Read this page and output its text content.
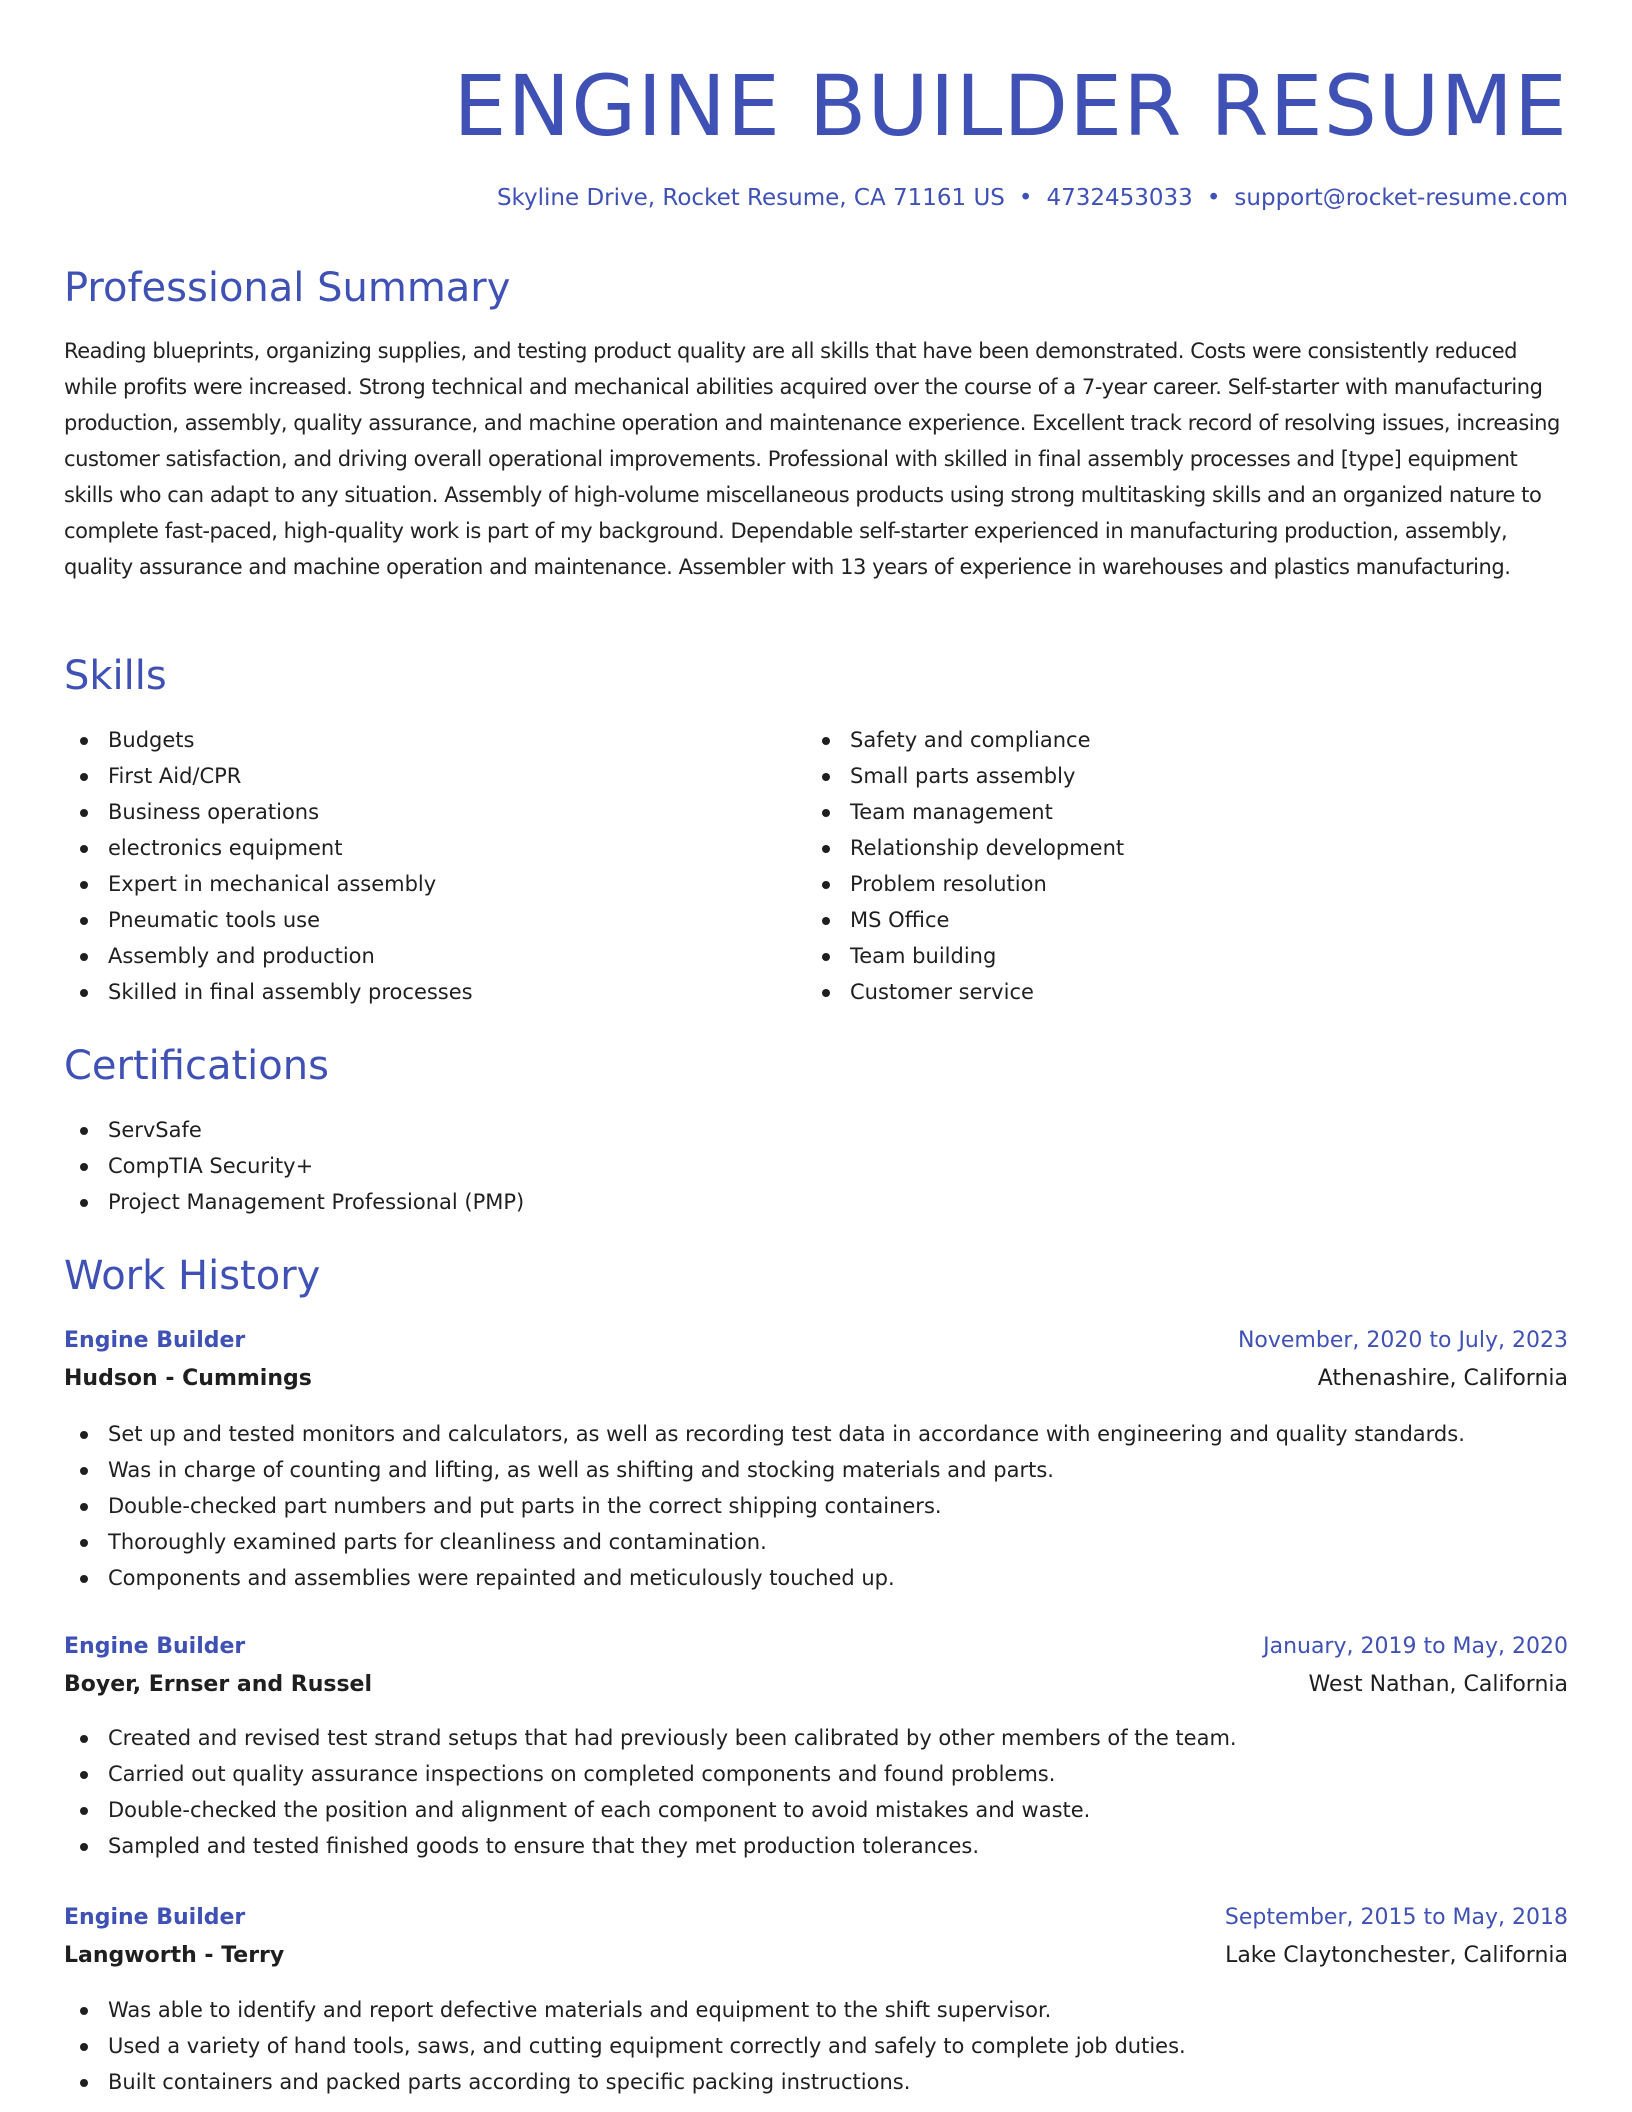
ENGINE BUILDER RESUME
Skyline Drive, Rocket Resume, CA 71161 US • 4732453033 • support@rocket-resume.com
Professional Summary

Reading blueprints, organizing supplies, and testing product quality are all skills that have been demonstrated. Costs were consistently reduced while profits were increased. Strong technical and mechanical abilities acquired over the course of a 7-year career. Self-starter with manufacturing production, assembly, quality assurance, and machine operation and maintenance experience. Excellent track record of resolving issues, increasing customer satisfaction, and driving overall operational improvements. Professional with skilled in final assembly processes and [type] equipment skills who can adapt to any situation. Assembly of high-volume miscellaneous products using strong multitasking skills and an organized nature to complete fast-paced, high-quality work is part of my background. Dependable self-starter experienced in manufacturing production, assembly, quality assurance and machine operation and maintenance. Assembler with 13 years of experience in warehouses and plastics manufacturing.

Skills
Budgets
First Aid/CPR
Business operations
electronics equipment
Expert in mechanical assembly
Pneumatic tools use
Assembly and production
Skilled in final assembly processes
Safety and compliance
Small parts assembly
Team management
Relationship development
Problem resolution
MS Office
Team building
Customer service
Certifications
ServSafe
CompTIA Security+
Project Management Professional (PMP)
Work History
Engine Builder	November, 2020 to July, 2023
Hudson - Cummings	Athenashire, California
Set up and tested monitors and calculators, as well as recording test data in accordance with engineering and quality standards.
Was in charge of counting and lifting, as well as shifting and stocking materials and parts.
Double-checked part numbers and put parts in the correct shipping containers.
Thoroughly examined parts for cleanliness and contamination.
Components and assemblies were repainted and meticulously touched up.
Engine Builder	January, 2019 to May, 2020
Boyer, Ernser and Russel	West Nathan, California
Created and revised test strand setups that had previously been calibrated by other members of the team.
Carried out quality assurance inspections on completed components and found problems.
Double-checked the position and alignment of each component to avoid mistakes and waste.
Sampled and tested finished goods to ensure that they met production tolerances.
Engine Builder	September, 2015 to May, 2018
Langworth - Terry	Lake Claytonchester, California
Was able to identify and report defective materials and equipment to the shift supervisor.
Used a variety of hand tools, saws, and cutting equipment correctly and safely to complete job duties.
Built containers and packed parts according to specific packing instructions.
